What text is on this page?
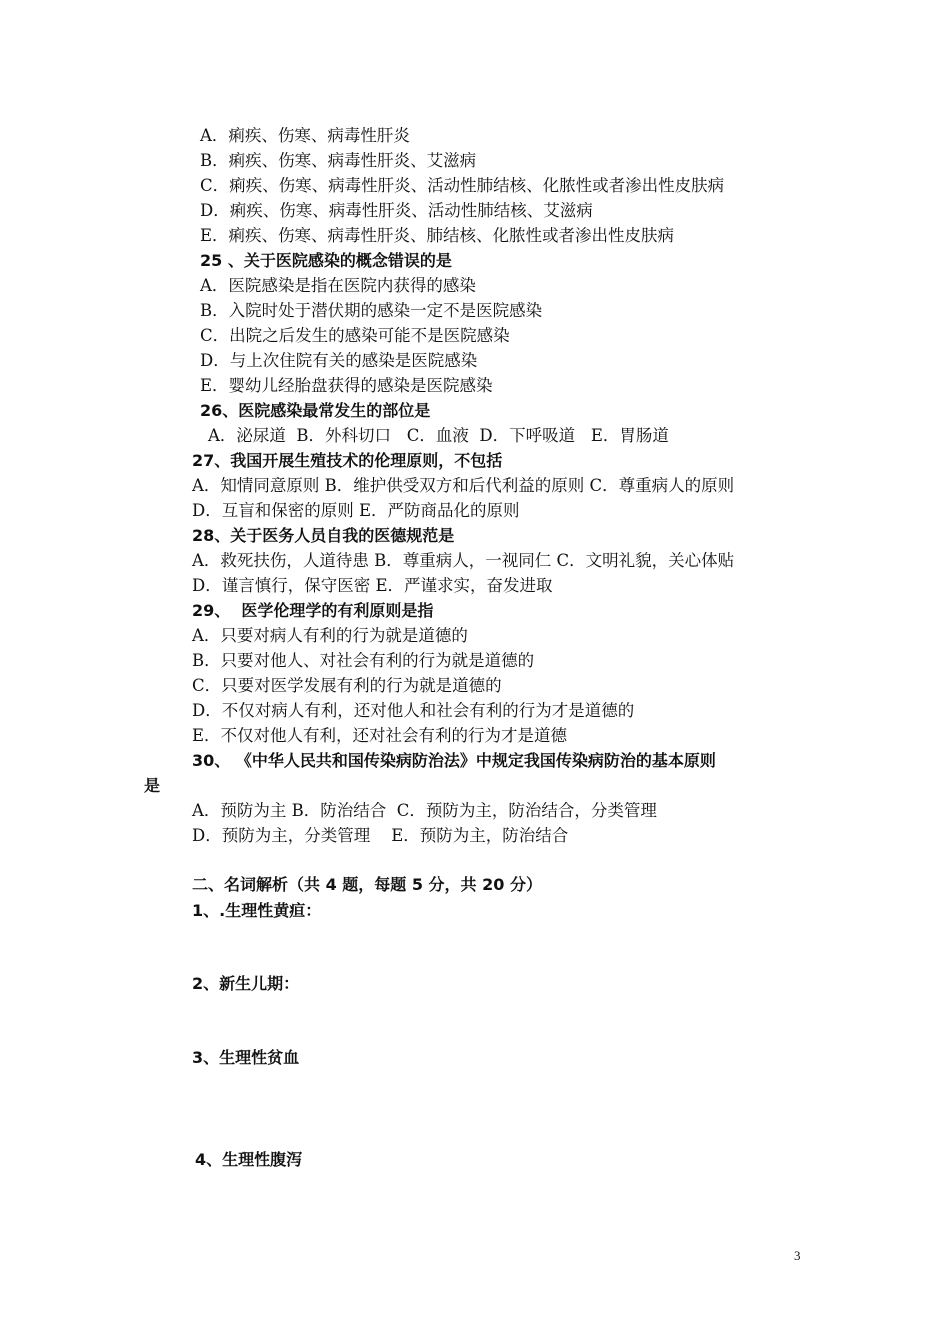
A．痢疾、伤寒、病毒性肝炎
B．痢疾、伤寒、病毒性肝炎、艾滋病
C．痢疾、伤寒、病毒性肝炎、活动性肺结核、化脓性或者渗出性皮肤病
D．痢疾、伤寒、病毒性肝炎、活动性肺结核、艾滋病
E．痢疾、伤寒、病毒性肝炎、肺结核、化脓性或者渗出性皮肤病
25 、关于医院感染的概念错误的是
A．医院感染是指在医院内获得的感染
B．入院时处于潜伏期的感染一定不是医院感染
C．出院之后发生的感染可能不是医院感染
D．与上次住院有关的感染是医院感染
E．婴幼儿经胎盘获得的感染是医院感染
26、医院感染最常发生的部位是
A．泌尿道  B．外科切口   C．血液  D．下呼吸道   E．胃肠道
27、我国开展生殖技术的伦理原则，不包括
A．知情同意原则 B．维护供受双方和后代利益的原则 C．尊重病人的原则
D．互盲和保密的原则 E．严防商品化的原则
28、关于医务人员自我的医德规范是
A．救死扶伤，人道待患 B．尊重病人，一视同仁 C．文明礼貌，关心体贴
D．谨言慎行，保守医密 E．严谨求实，奋发进取
29、  医学伦理学的有利原则是指
A．只要对病人有利的行为就是道德的
B．只要对他人、对社会有利的行为就是道德的
C．只要对医学发展有利的行为就是道德的
D．不仅对病人有利，还对他人和社会有利的行为才是道德的
E．不仅对他人有利，还对社会有利的行为才是道德
30、 《中华人民共和国传染病防治法》中规定我国传染病防治的基本原则
是
A．预防为主 B．防治结合  C．预防为主，防治结合，分类管理
D．预防为主，分类管理    E．预防为主，防治结合
二、名词解析（共 4 题，每题 5 分，共 20 分）
1、.生理性黄疸：
2、新生儿期：
3、生理性贫血
4、生理性腹泻
3
